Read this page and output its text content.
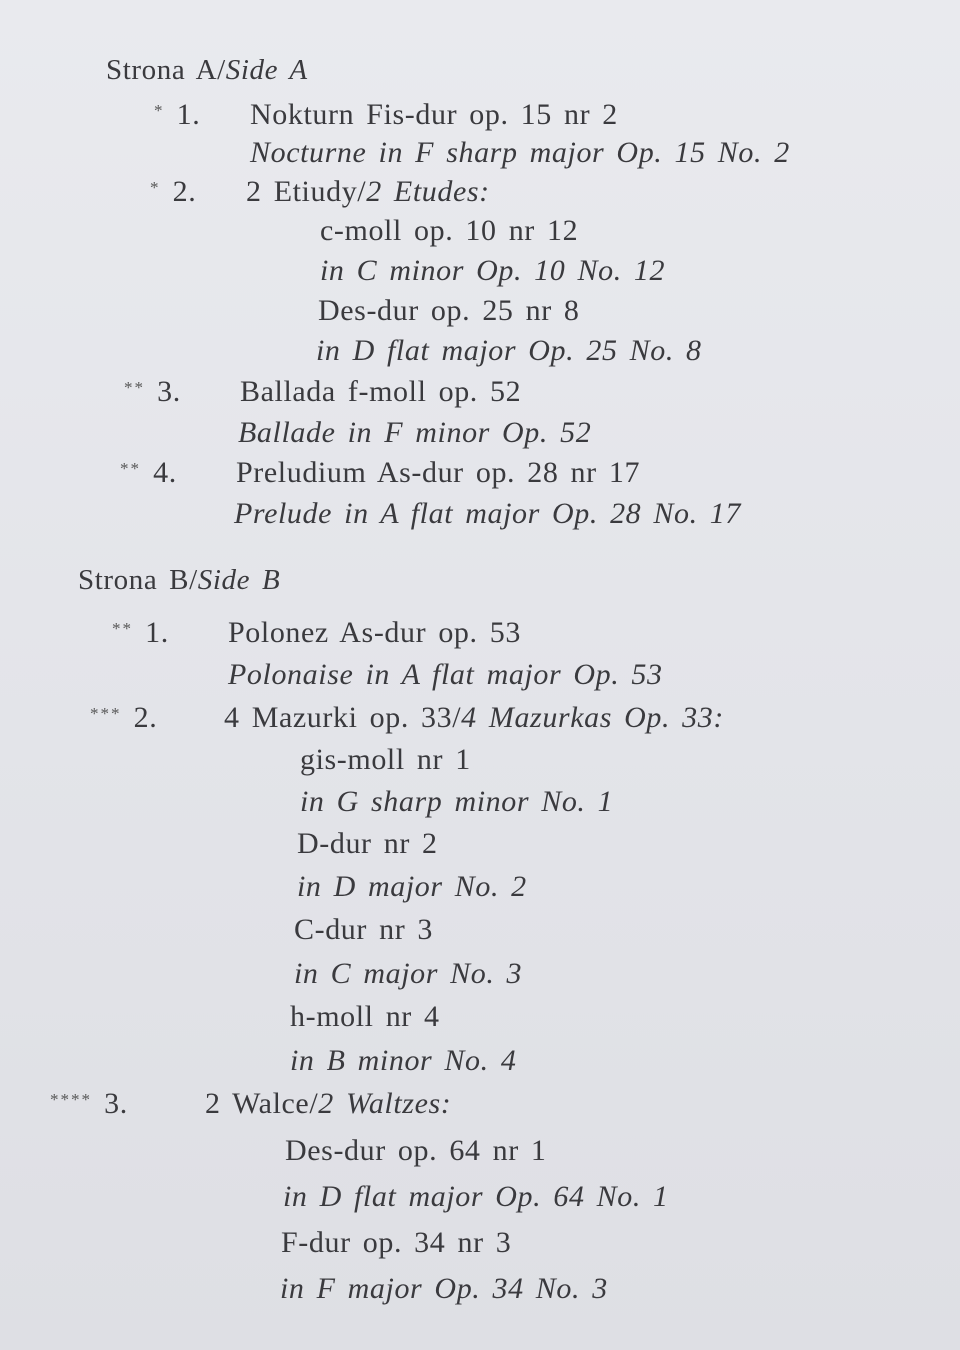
Strona A/Side A
* 1. Nokturn Fis-dur op. 15 nr 2
Nocturne in F sharp major Op. 15 No. 2
* 2. 2 Etiudy/2 Etudes:
c-moll op. 10 nr 12
in C minor Op. 10 No. 12
Des-dur op. 25 nr 8
in D flat major Op. 25 No. 8
** 3. Ballada f-moll op. 52
Ballade in F minor Op. 52
** 4. Preludium As-dur op. 28 nr 17
Prelude in A flat major Op. 28 No. 17
Strona B/Side B
** 1. Polonez As-dur op. 53
Polonaise in A flat major Op. 53
*** 2. 4 Mazurki op. 33/4 Mazurkas Op. 33:
gis-moll nr 1
in G sharp minor No. 1
D-dur nr 2
in D major No. 2
C-dur nr 3
in C major No. 3
h-moll nr 4
in B minor No. 4
**** 3.	2 Walce/2 Waltzes:
Des-dur op. 64 nr 1
in D flat major Op. 64 No. 1
F-dur op. 34 nr 3
in F major Op. 34 No. 3
